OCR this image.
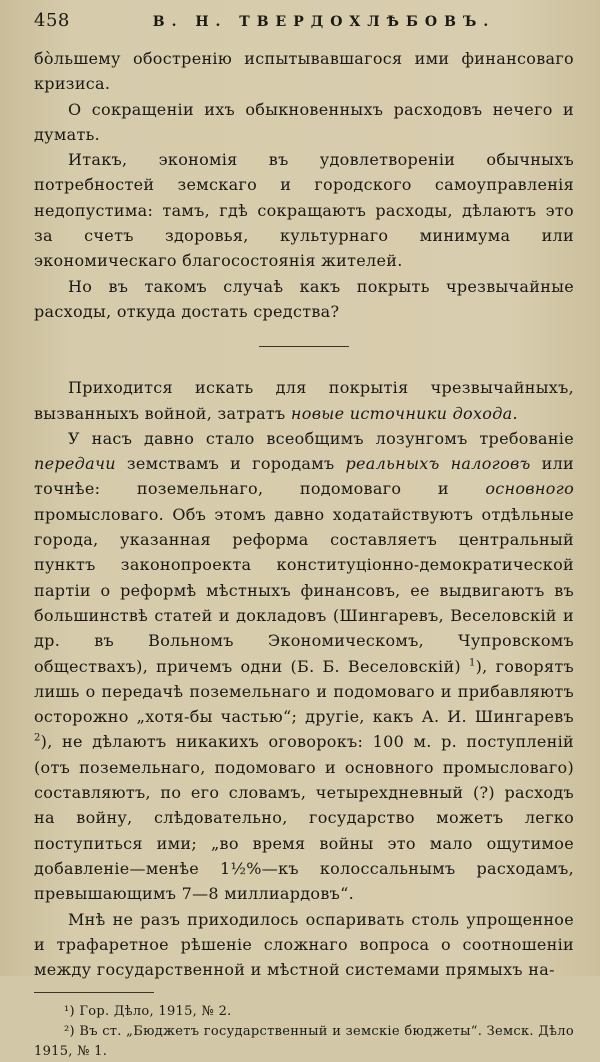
458	В. Н. ТВЕРДОХЛѢБОВЪ.

бо̀льшему обостренію испытывавшагося ими финансоваго кризиса.

О сокращеніи ихъ обыкновенныхъ расходовъ нечего и думать.

Итакъ, экономія въ удовлетвореніи обычныхъ потребностей земскаго и городского самоуправленія недопустима: тамъ, гдѣ сокращаютъ расходы, дѣлаютъ это за счетъ здоровья, культурнаго минимума или экономическаго благосостоянія жителей.

Но въ такомъ случаѣ какъ покрыть чрезвычайные расходы, откуда достать средства?

Приходится искать для покрытія чрезвычайныхъ, вызванныхъ войной, затратъ новые источники дохода.

У насъ давно стало всеобщимъ лозунгомъ требованіе передачи земствамъ и городамъ реальныхъ налоговъ или точнѣе: поземельнаго, подомоваго и основного промысловаго. Объ этомъ давно ходатайствуютъ отдѣльные города, указанная реформа составляетъ центральный пунктъ законопроекта конституціонно-демократической партіи о реформѣ мѣстныхъ финансовъ, ее выдвигаютъ въ большинствѣ статей и докладовъ (Шингаревъ, Веселовскій и др. въ Вольномъ Экономическомъ, Чупровскомъ обществахъ), причемъ одни (Б. Б. Веселовскій) $^1$), говорятъ лишь о передачѣ поземельнаго и подомоваго и прибавляютъ осторожно „хотя-бы частью“; другіе, какъ А. И. Шингаревъ $^2$), не дѣлаютъ никакихъ оговорокъ: 100 м. р. поступленій (отъ поземельнаго, подомоваго и основного промысловаго) составляютъ, по его словамъ, четырехдневный (?) расходъ на войну, слѣдовательно, государство можетъ легко поступиться ими; „во время войны это мало ощутимое добавленіе—менѣе 1½%—къ колоссальнымъ расходамъ, превышающимъ 7—8 миллиардовъ“.

Мнѣ не разъ приходилось оспаривать столь упрощенное и трафаретное рѣшеніе сложнаго вопроса о соотношеніи между государственной и мѣстной системами прямыхъ на-

¹) Гор. Дѣло, 1915, № 2.

²) Въ ст. „Бюджетъ государственный и земскіе бюджеты“. Земск. Дѣло 1915, № 1.
